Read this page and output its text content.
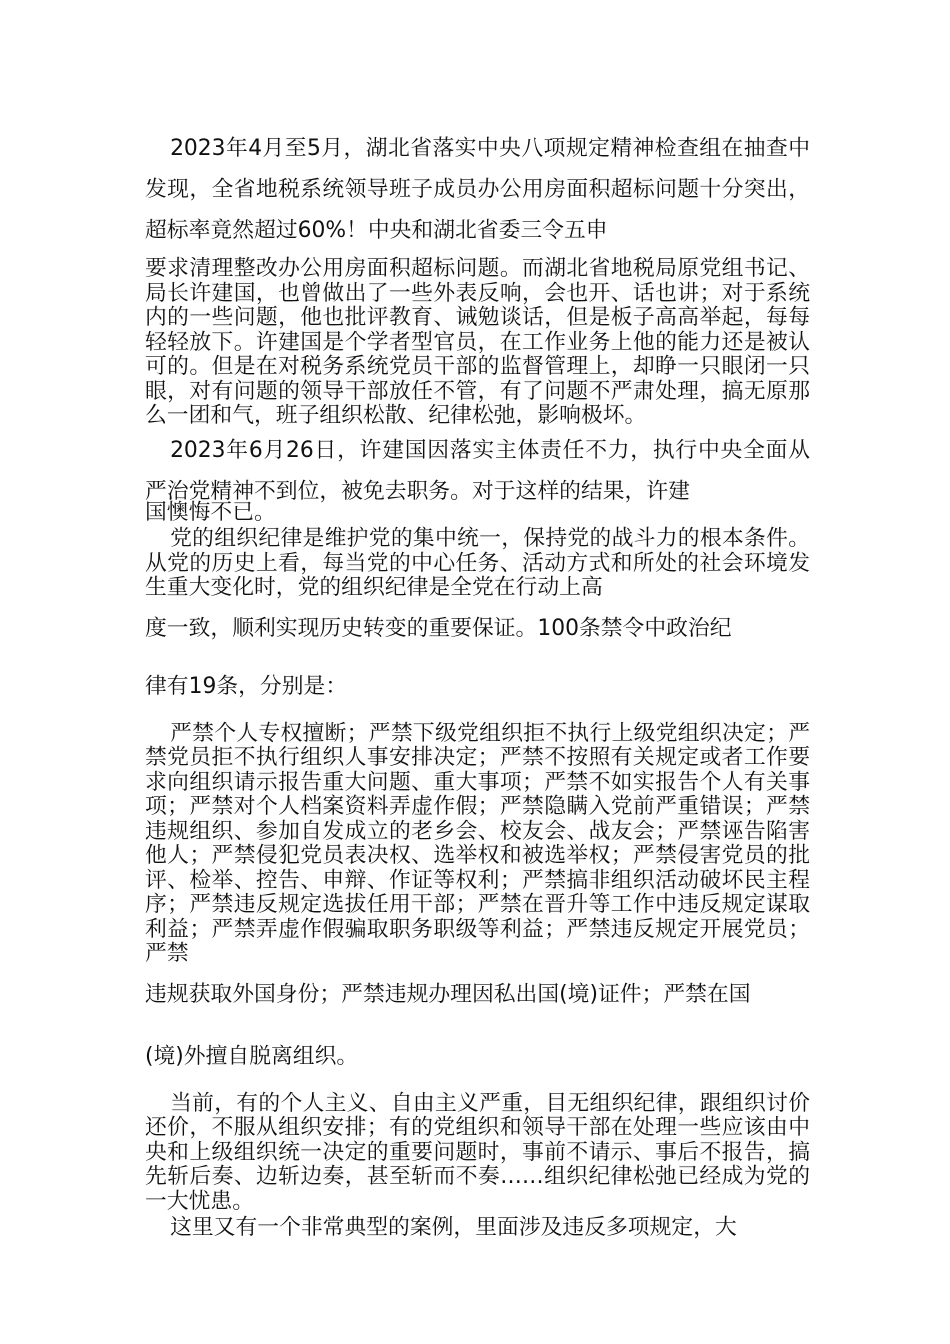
2023年4月至5月，湖北省落实中央八项规定精神检查组在抽查中发现，全省地税系统领导班子成员办公用房面积超标问题十分突出，超标率竟然超过60%！中央和湖北省委三令五申

要求清理整改办公用房面积超标问题。而湖北省地税局原党组书记、局长许建国，也曾做出了一些外表反响，会也开、话也讲；对于系统内的一些问题，他也批评教育、诫勉谈话，但是板子高高举起，每每轻轻放下。许建国是个学者型官员，在工作业务上他的能力还是被认可的。但是在对税务系统党员干部的监督管理上，却睁一只眼闭一只眼，对有问题的领导干部放任不管，有了问题不严肃处理，搞无原那么一团和气，班子组织松散、纪律松弛，影响极坏。

2023年6月26日，许建国因落实主体责任不力，执行中央全面从严治党精神不到位，被免去职务。对于这样的结果，许建

国懊悔不已。

党的组织纪律是维护党的集中统一，保持党的战斗力的根本条件。从党的历史上看，每当党的中心任务、活动方式和所处的社会环境发生重大变化时，党的组织纪律是全党在行动上高

度一致，顺利实现历史转变的重要保证。100条禁令中政治纪

律有19条，分别是：

严禁个人专权擅断；严禁下级党组织拒不执行上级党组织决定；严禁党员拒不执行组织人事安排决定；严禁不按照有关规定或者工作要求向组织请示报告重大问题、重大事项；严禁不如实报告个人有关事项；严禁对个人档案资料弄虚作假；严禁隐瞒入党前严重错误；严禁违规组织、参加自发成立的老乡会、校友会、战友会；严禁诬告陷害他人；严禁侵犯党员表决权、选举权和被选举权；严禁侵害党员的批评、检举、控告、申辩、作证等权利；严禁搞非组织活动破坏民主程序；严禁违反规定选拔任用干部；严禁在晋升等工作中违反规定谋取利益；严禁弄虚作假骗取职务职级等利益；严禁违反规定开展党员；严禁

违规获取外国身份；严禁违规办理因私出国(境)证件；严禁在国

(境)外擅自脱离组织。

当前，有的个人主义、自由主义严重，目无组织纪律，跟组织讨价还价，不服从组织安排；有的党组织和领导干部在处理一些应该由中央和上级组织统一决定的重要问题时，事前不请示、事后不报告，搞先斩后奏、边斩边奏，甚至斩而不奏……组织纪律松弛已经成为党的一大忧患。

这里又有一个非常典型的案例，里面涉及违反多项规定，大
